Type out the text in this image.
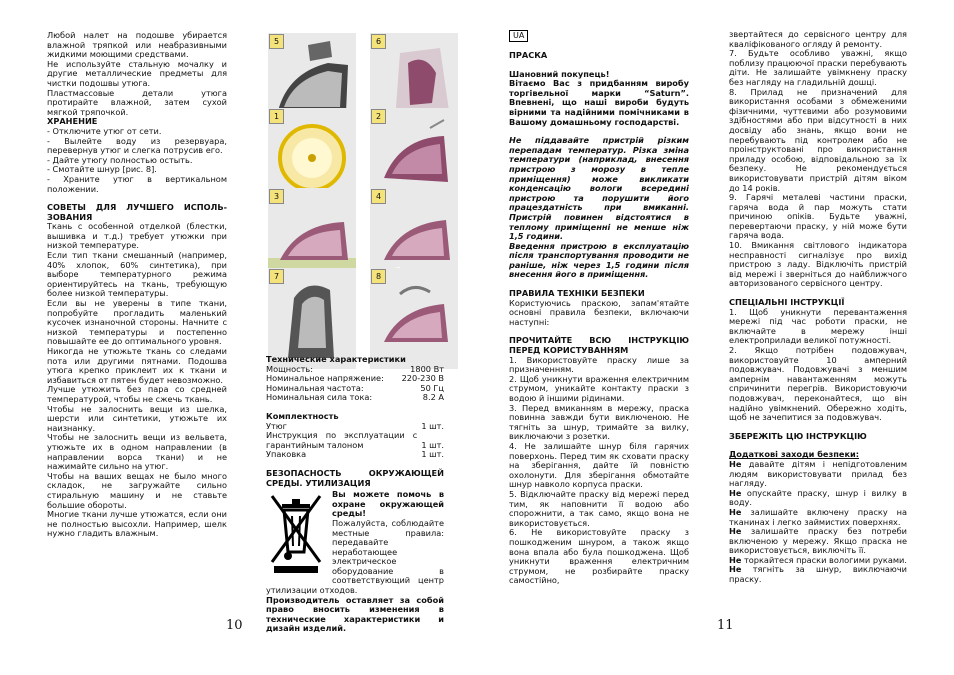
Любой налет на подошве убирается влажной тряпкой или неабразивными жидкими моющими средствами.

Не используйте стальную мочалку и другие металлические предметы для чистки подошвы утюга.

Пластмассовые детали утюга протирайте влажной, затем сухой мягкой тряпочкой.

ХРАНЕНИЕ

- Отключите утюг от сети.

- Вылейте воду из резервуара, перевернув утюг и слегка потрусив его.

- Дайте утюгу полностью остыть.

- Смотайте шнур [рис. 8].

- Храните утюг в вертикальном положении.

СОВЕТЫ ДЛЯ ЛУЧШЕГО ИСПОЛЬ-ЗОВАНИЯ

Ткань с особенной отделкой (блестки, вышивка и т.д.) требует утюжки при низкой температуре.

Если тип ткани смешанный (например, 40% хлопок, 60% синтетика), при выборе температурного режима ориентируйтесь на ткань, требующую более низкой температуры.

Если вы не уверены в типе ткани, попробуйте прогладить маленький кусочек изнаночной стороны. Начните с низкой температуры и постепенно повышайте ее до оптимального уровня.

Никогда не утюжьте ткань со следами пота или другими пятнами. Подошва утюга крепко приклеит их к ткани и избавиться от пятен будет невозможно.

Лучше утюжить без пара со средней температурой, чтобы не сжечь ткань.

Чтобы не залоснить вещи из шелка, шерсти или синтетики, утюжьте их наизнанку.

Чтобы не залоснить вещи из вельвета, утюжьте их в одном направлении (в направлении ворса ткани) и не нажимайте сильно на утюг.

Чтобы на ваших вещах не было много складок, не загружайте сильно стиральную машину и не ставьте большие обороты.

Многие ткани лучше утюжатся, если они не полностью высохли. Например, шелк нужно гладить влажным.

5	6
1	2
3	4
7	8

Технические характеристики

Мощность:	1800 Вт
Номинальное напряжение:	220-230 В
Номинальная частота:	50 Гц
Номинальная сила тока:	8.2 А

Комплектность

Утюг	1 шт.
Инструкция по эксплуатации с гарантийным талоном	1 шт.
Упаковка	1 шт.

БЕЗОПАСНОСТЬ ОКРУЖАЮЩЕЙ СРЕДЫ. УТИЛИЗАЦИЯ

Вы можете помочь в охране окружающей среды!

Пожалуйста, соблюдайте местные правила: передавайте неработающее электрическое оборудование в соответствующий центр утилизации отходов.

Производитель оставляет за собой право вносить изменения в технические характеристики и дизайн изделий.

10

UA

ПРАСКА

Шановний покупець!

Вітаємо Вас з придбанням виробу торгівельної марки “Saturn”. Впевнені, що наші вироби будуть вірними та надійними помічниками в Вашому домашньому господарстві.

Не піддавайте пристрій різким перепадам температур. Різка зміна температури (наприклад, внесення пристрою з морозу в тепле приміщення) може викликати конденсацію вологи всередині пристрою та порушити його працездатність при вмиканні. Пристрій повинен відстоятися в теплому приміщенні не менше ніж 1,5 години.

Введення пристрою в експлуатацію після транспортування проводити не раніше, ніж через 1,5 години після внесення його в приміщення.

ПРАВИЛА ТЕХНІКИ БЕЗПЕКИ

Користуючись праскою, запам'ятайте основні правила безпеки, включаючи наступні:

ПРОЧИТАЙТЕ ВСЮ ІНСТРУКЦІЮ ПЕРЕД КОРИСТУВАННЯМ

1. Використовуйте праску лише за призначенням.

2. Щоб уникнути враження електричним струмом, уникайте контакту праски з водою й іншими рідинами.

3. Перед вмиканням в мережу, праска повинна завжди бути виключеною. Не тягніть за шнур, тримайте за вилку, виключаючи з розетки.

4. Не залишайте шнур біля гарячих поверхонь. Перед тим як сховати праску на зберігання, дайте їй повністю охолонути. Для зберігання обмотайте шнур навколо корпуса праски.

5. Відключайте праску від мережі перед тим, як наповнити її водою або спорожнити, а так само, якщо вона не використовується.

6. Не використовуйте праску з пошкодженим шнуром, а також якщо вона впала або була пошкоджена. Щоб уникнути враження електричним струмом, не розбирайте праску самостійно,

звертайтеся до сервісного центру для кваліфікованого огляду й ремонту.

7. Будьте особливо уважні, якщо поблизу працюючої праски перебувають діти. Не залишайте увімкнену праску без нагляду на гладильній дошці.

8. Прилад не призначений для використання особами з обмеженими фізичними, чуттєвими або розумовими здібностями або при відсутності в них досвіду або знань, якщо вони не перебувають під контролем або не проінструктовані про використання приладу особою, відповідальною за їх безпеку. Не рекомендується використовувати пристрій дітям віком до 14 років.

9. Гарячі металеві частини праски, гаряча вода й пар можуть стати причиною опіків. Будьте уважні, перевертаючи праску, у ній може бути гаряча вода.

10. Вмикання світлового індикатора несправності сигналізує про вихід пристрою з ладу. Відключіть пристрій від мережі і зверніться до найближчого авторизованого сервісного центру.

СПЕЦІАЛЬНІ ІНСТРУКЦІЇ

1. Щоб уникнути перевантаження мережі під час роботи праски, не включайте в мережу інші електроприлади великої потужності.

2. Якщо потрібен подовжувач, використовуйте 10 амперний подовжувач. Подовжувачі з меншим ампернім навантаженням можуть спричинити перегрів. Використовуючи подовжувач, переконайтеся, що він надійно увімкнений. Обережно ходіть, щоб не зачепитися за подовжувач.

ЗБЕРЕЖІТЬ ЦЮ ІНСТРУКЦІЮ

Додаткові заходи безпеки:

Не давайте дітям і непідготовленим людям використовувати прилад без нагляду.

Не опускайте праску, шнур і вилку в воду.

Не залишайте включену праску на тканинах і легко займистих поверхнях.

Не залишайте праску без потреби включеною у мережу. Якщо праска не використовується, виключіть її.

Не торкайтеся праски вологими руками.

Не тягніть за шнур, виключаючи праску.

11
